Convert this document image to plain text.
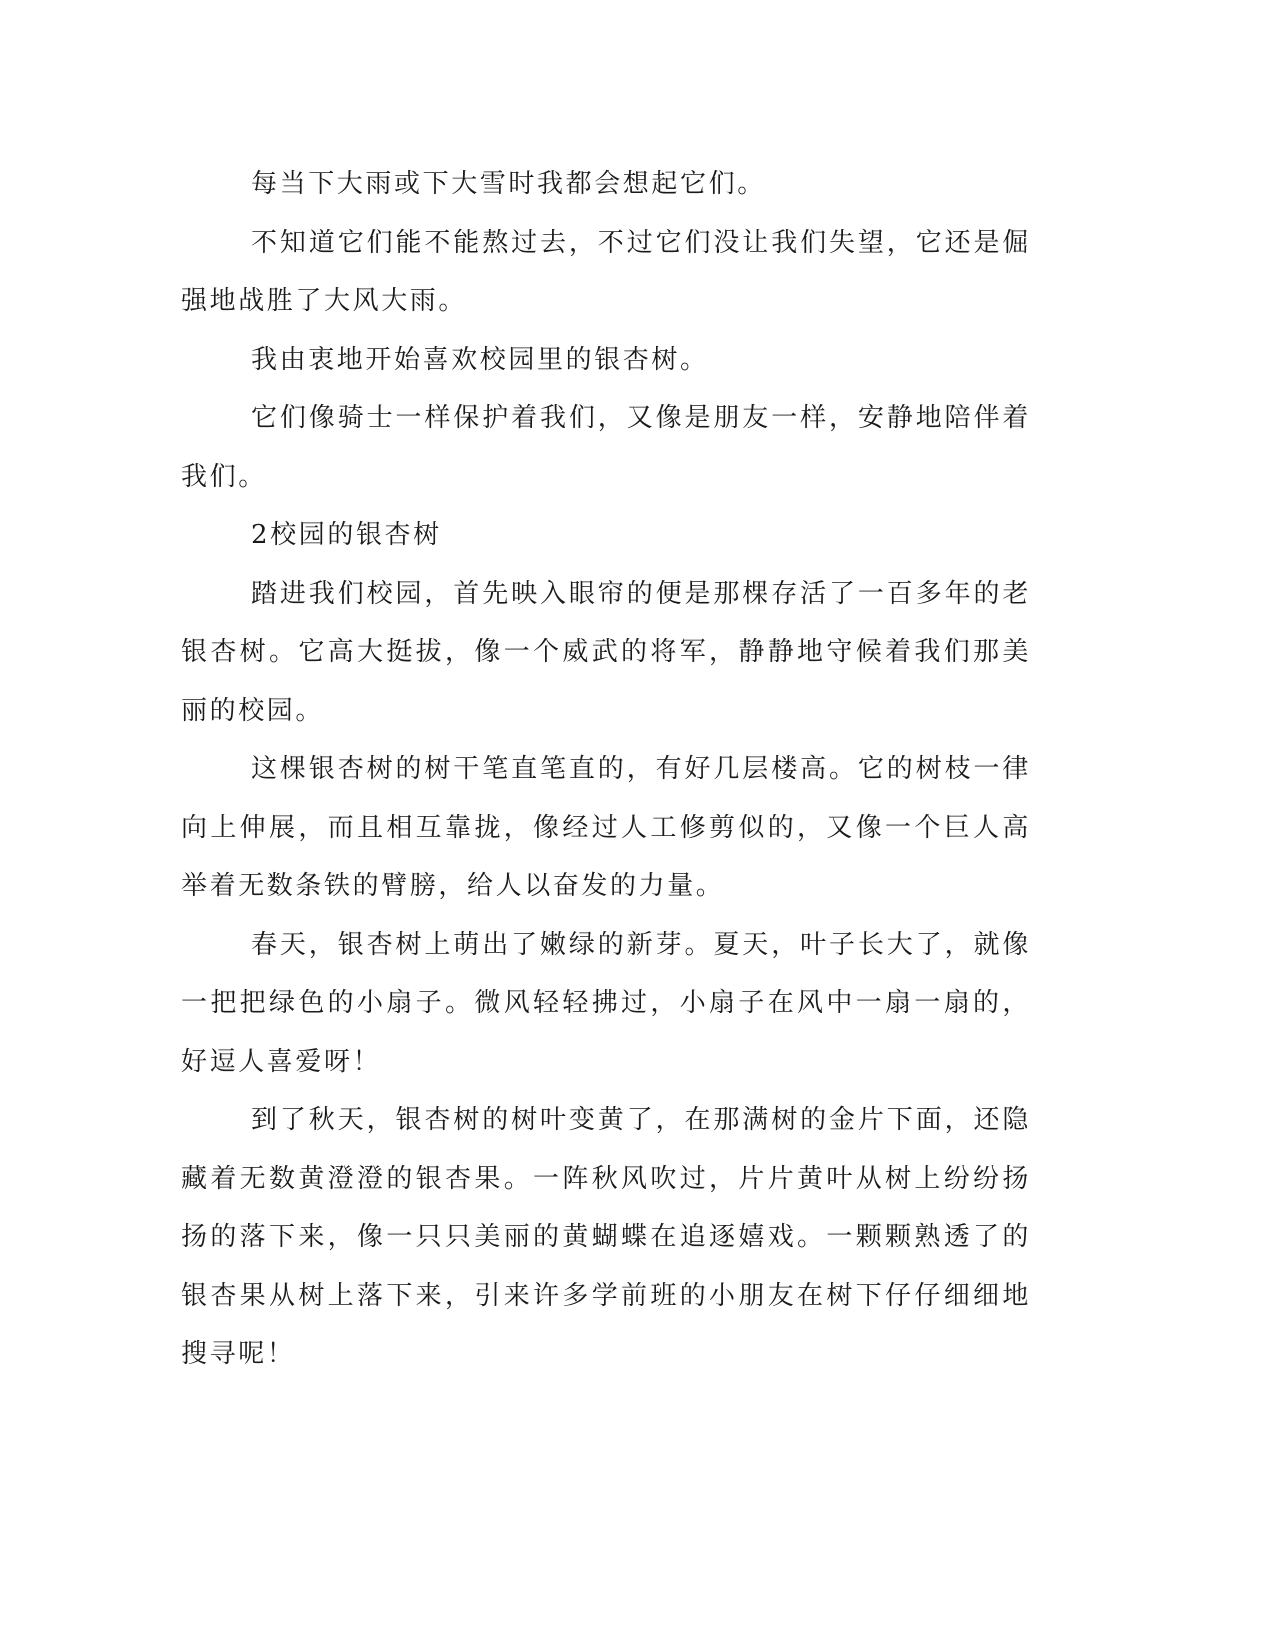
每当下大雨或下大雪时我都会想起它们。

不知道它们能不能熬过去，不过它们没让我们失望，它还是倔强地战胜了大风大雨。

我由衷地开始喜欢校园里的银杏树。

它们像骑士一样保护着我们，又像是朋友一样，安静地陪伴着我们。

2校园的银杏树

踏进我们校园，首先映入眼帘的便是那棵存活了一百多年的老银杏树。它高大挺拔，像一个威武的将军，静静地守候着我们那美丽的校园。

这棵银杏树的树干笔直笔直的，有好几层楼高。它的树枝一律向上伸展，而且相互靠拢，像经过人工修剪似的，又像一个巨人高举着无数条铁的臂膀，给人以奋发的力量。

春天，银杏树上萌出了嫩绿的新芽。夏天，叶子长大了，就像一把把绿色的小扇子。微风轻轻拂过，小扇子在风中一扇一扇的，好逗人喜爱呀！

到了秋天，银杏树的树叶变黄了，在那满树的金片下面，还隐藏着无数黄澄澄的银杏果。一阵秋风吹过，片片黄叶从树上纷纷扬扬的落下来，像一只只美丽的黄蝴蝶在追逐嬉戏。一颗颗熟透了的银杏果从树上落下来，引来许多学前班的小朋友在树下仔仔细细地搜寻呢！
